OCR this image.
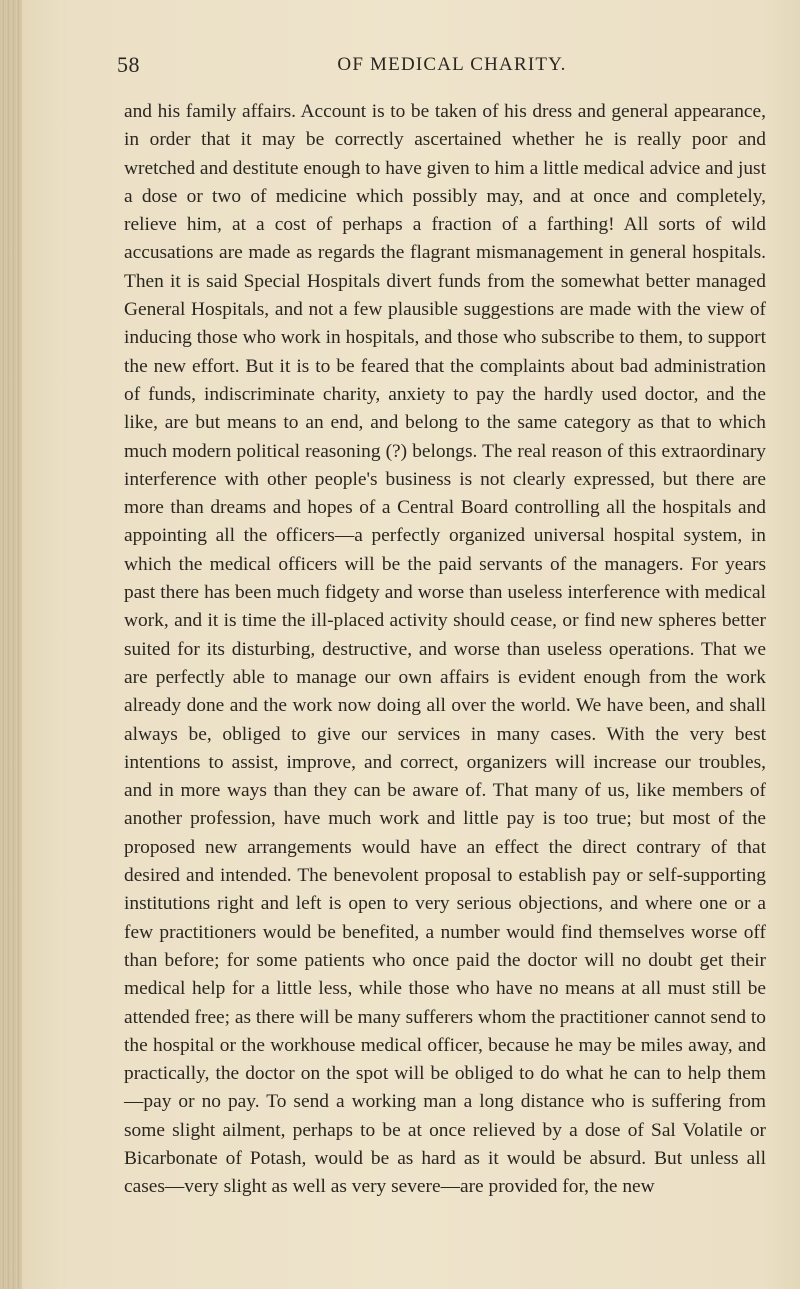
58	OF MEDICAL CHARITY.

and his family affairs. Account is to be taken of his dress and general appearance, in order that it may be correctly ascertained whether he is really poor and wretched and destitute enough to have given to him a little medical advice and just a dose or two of medicine which possibly may, and at once and completely, relieve him, at a cost of perhaps a fraction of a farthing! All sorts of wild accusations are made as regards the flagrant mismanagement in general hospitals. Then it is said Special Hospitals divert funds from the somewhat better managed General Hospitals, and not a few plausible suggestions are made with the view of inducing those who work in hospitals, and those who subscribe to them, to support the new effort. But it is to be feared that the complaints about bad administration of funds, indiscriminate charity, anxiety to pay the hardly used doctor, and the like, are but means to an end, and belong to the same category as that to which much modern political reasoning (?) belongs. The real reason of this extraordinary interference with other people's business is not clearly expressed, but there are more than dreams and hopes of a Central Board controlling all the hospitals and appointing all the officers—a perfectly organized universal hospital system, in which the medical officers will be the paid servants of the managers. For years past there has been much fidgety and worse than useless interference with medical work, and it is time the ill-placed activity should cease, or find new spheres better suited for its disturbing, destructive, and worse than useless operations. That we are perfectly able to manage our own affairs is evident enough from the work already done and the work now doing all over the world. We have been, and shall always be, obliged to give our services in many cases. With the very best intentions to assist, improve, and correct, organizers will increase our troubles, and in more ways than they can be aware of. That many of us, like members of another profession, have much work and little pay is too true; but most of the proposed new arrangements would have an effect the direct contrary of that desired and intended. The benevolent proposal to establish pay or self-supporting institutions right and left is open to very serious objections, and where one or a few practitioners would be benefited, a number would find themselves worse off than before; for some patients who once paid the doctor will no doubt get their medical help for a little less, while those who have no means at all must still be attended free; as there will be many sufferers whom the practitioner cannot send to the hospital or the workhouse medical officer, because he may be miles away, and practically, the doctor on the spot will be obliged to do what he can to help them—pay or no pay. To send a working man a long distance who is suffering from some slight ailment, perhaps to be at once relieved by a dose of Sal Volatile or Bicarbonate of Potash, would be as hard as it would be absurd. But unless all cases—very slight as well as very severe—are provided for, the new
